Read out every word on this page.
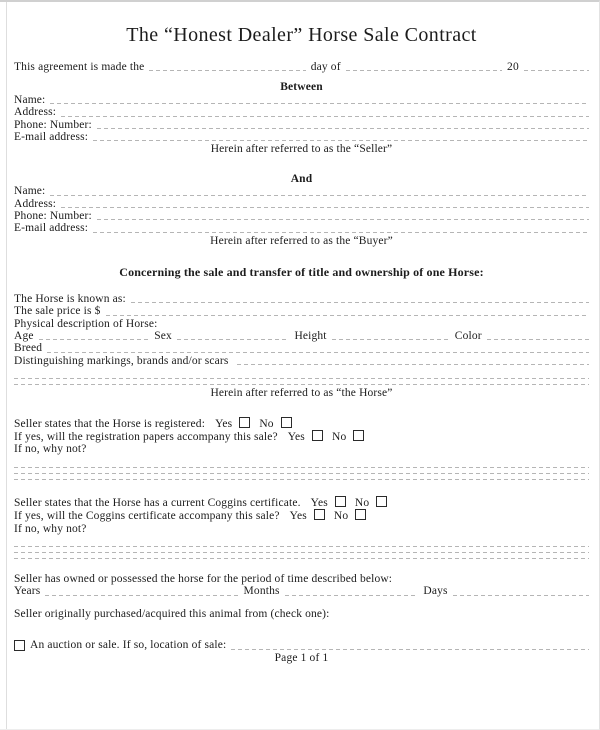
The “Honest Dealer” Horse Sale Contract
This agreement is made the	day of	20
Between
Name:
Address:
Phone: Number:
E-mail address:
Herein after referred to as the “Seller”
And
Name:
Address:
Phone: Number:
E-mail address:
Herein after referred to as the “Buyer”
Concerning the sale and transfer of title and ownership of one Horse:
The Horse is known as:
The sale price is $
Physical description of Horse:
Age	Sex	Height	Color
Breed
Distinguishing markings, brands and/or scars
Herein after referred to as “the Horse”
Seller states that the Horse is registered: Yes No
If yes, will the registration papers accompany this sale? Yes No
If no, why not?
Seller states that the Horse has a current Coggins certificate. Yes No
If yes, will the Coggins certificate accompany this sale? Yes No
If no, why not?
Seller has owned or possessed the horse for the period of time described below:
Years	Months	Days
Seller originally purchased/acquired this animal from (check one):
An auction or sale. If so, location of sale:
Page 1 of 1
